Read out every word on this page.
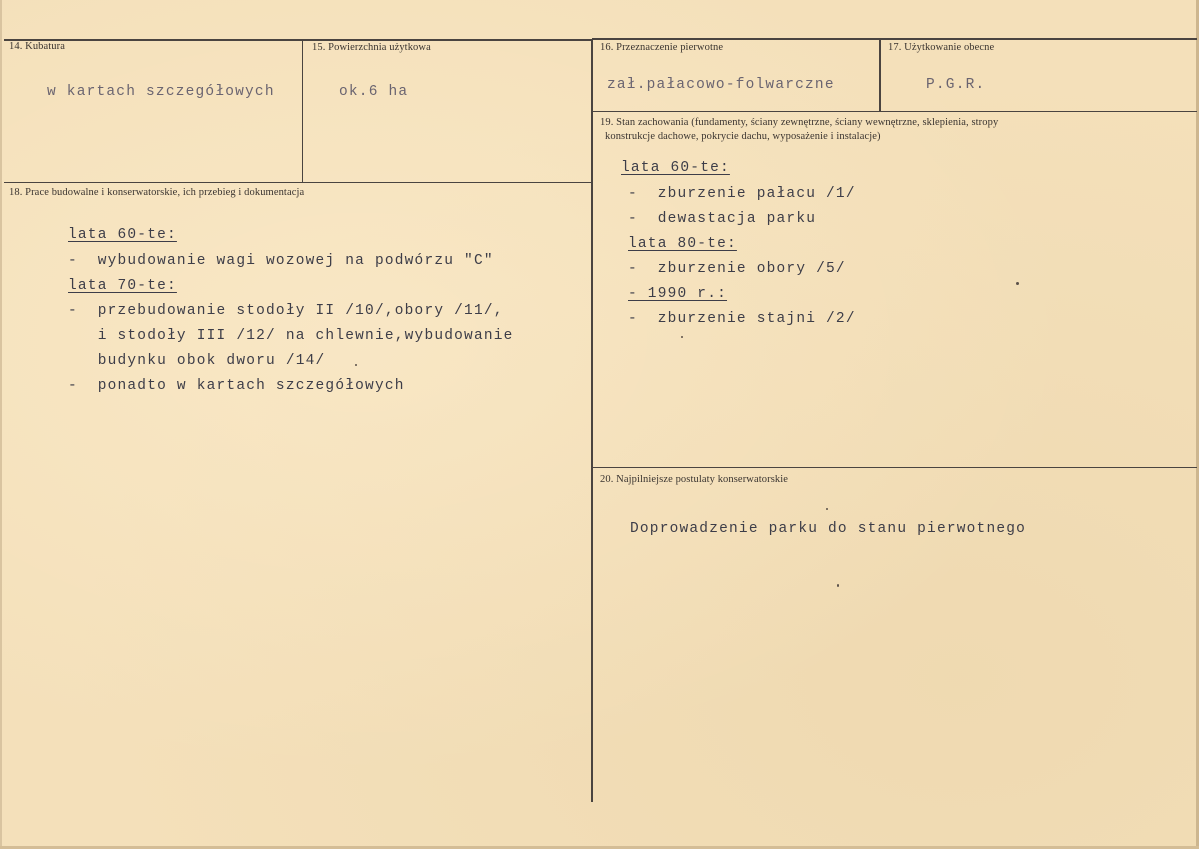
14. Kubatura
w kartach szczegółowych
15. Powierzchnia użytkowa
ok.6 ha
16. Przeznaczenie pierwotne
zał.pałacowo-folwarczne
17. Użytkowanie obecne
P.G.R.
18. Prace budowalne i konserwatorskie, ich przebieg i dokumentacja
lata 60-te:
-  wybudowanie wagi wozowej na podwórzu "C"
lata 70-te:
-  przebudowanie stodoły II /10/,obory /11/,
i stodoły III /12/ na chlewnie,wybudowanie
budynku obok dworu /14/
-  ponadto w kartach szczegółowych
19. Stan zachowania (fundamenty, ściany zewnętrzne, ściany wewnętrzne, sklepienia, stropy
konstrukcje dachowe, pokrycie dachu, wyposażenie i instalacje)
lata 60-te:
-  zburzenie pałacu /1/
-  dewastacja parku
lata 80-te:
-  zburzenie obory /5/
- 1990 r.:
-  zburzenie stajni /2/
20. Najpilniejsze postulaty konserwatorskie
Doprowadzenie parku do stanu pierwotnego
